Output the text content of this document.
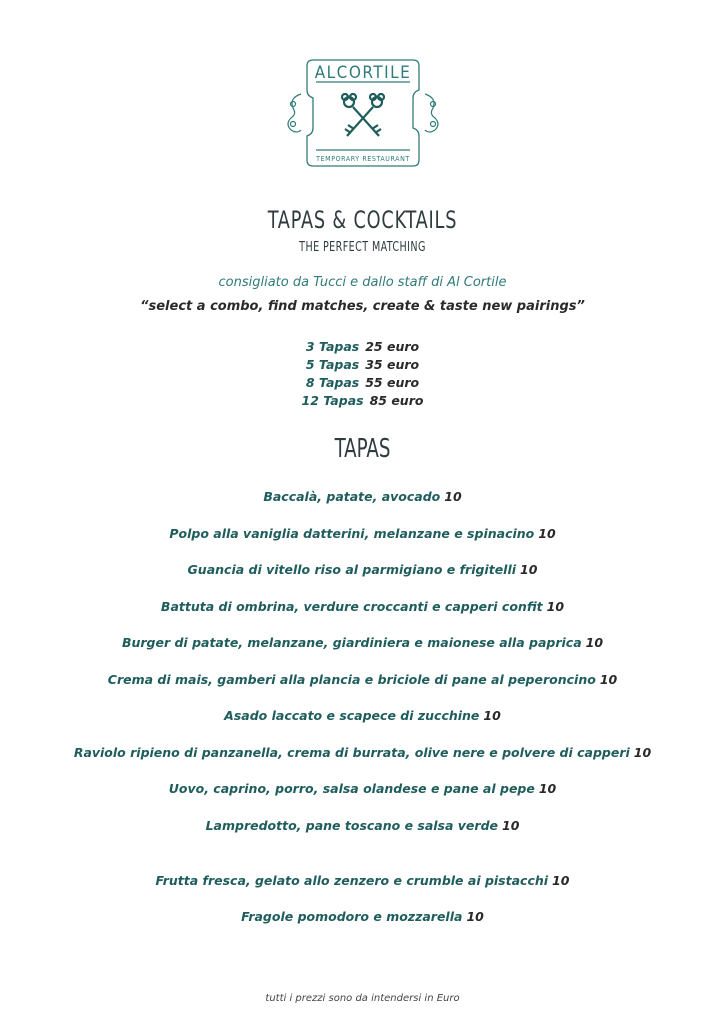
ALCORTILE
TEMPORARY RESTAURANT
TAPAS & COCKTAILS
THE PERFECT MATCHING
consigliato da Tucci e dallo staff di Al Cortile
“select a combo, find matches, create & taste new pairings”
3 Tapas 25 euro
5 Tapas 35 euro
8 Tapas 55 euro
12 Tapas 85 euro
TAPAS
Baccalà, patate, avocado 10
Polpo alla vaniglia datterini, melanzane e spinacino 10
Guancia di vitello riso al parmigiano e frigitelli 10
Battuta di ombrina, verdure croccanti e capperi confit 10
Burger di patate, melanzane, giardiniera e maionese alla paprica 10
Crema di mais, gamberi alla plancia e briciole di pane al peperoncino 10
Asado laccato e scapece di zucchine 10
Raviolo ripieno di panzanella, crema di burrata, olive nere e polvere di capperi 10
Uovo, caprino, porro, salsa olandese e pane al pepe 10
Lampredotto, pane toscano e salsa verde 10
Frutta fresca, gelato allo zenzero e crumble ai pistacchi 10
Fragole pomodoro e mozzarella 10
tutti i prezzi sono da intendersi in Euro
